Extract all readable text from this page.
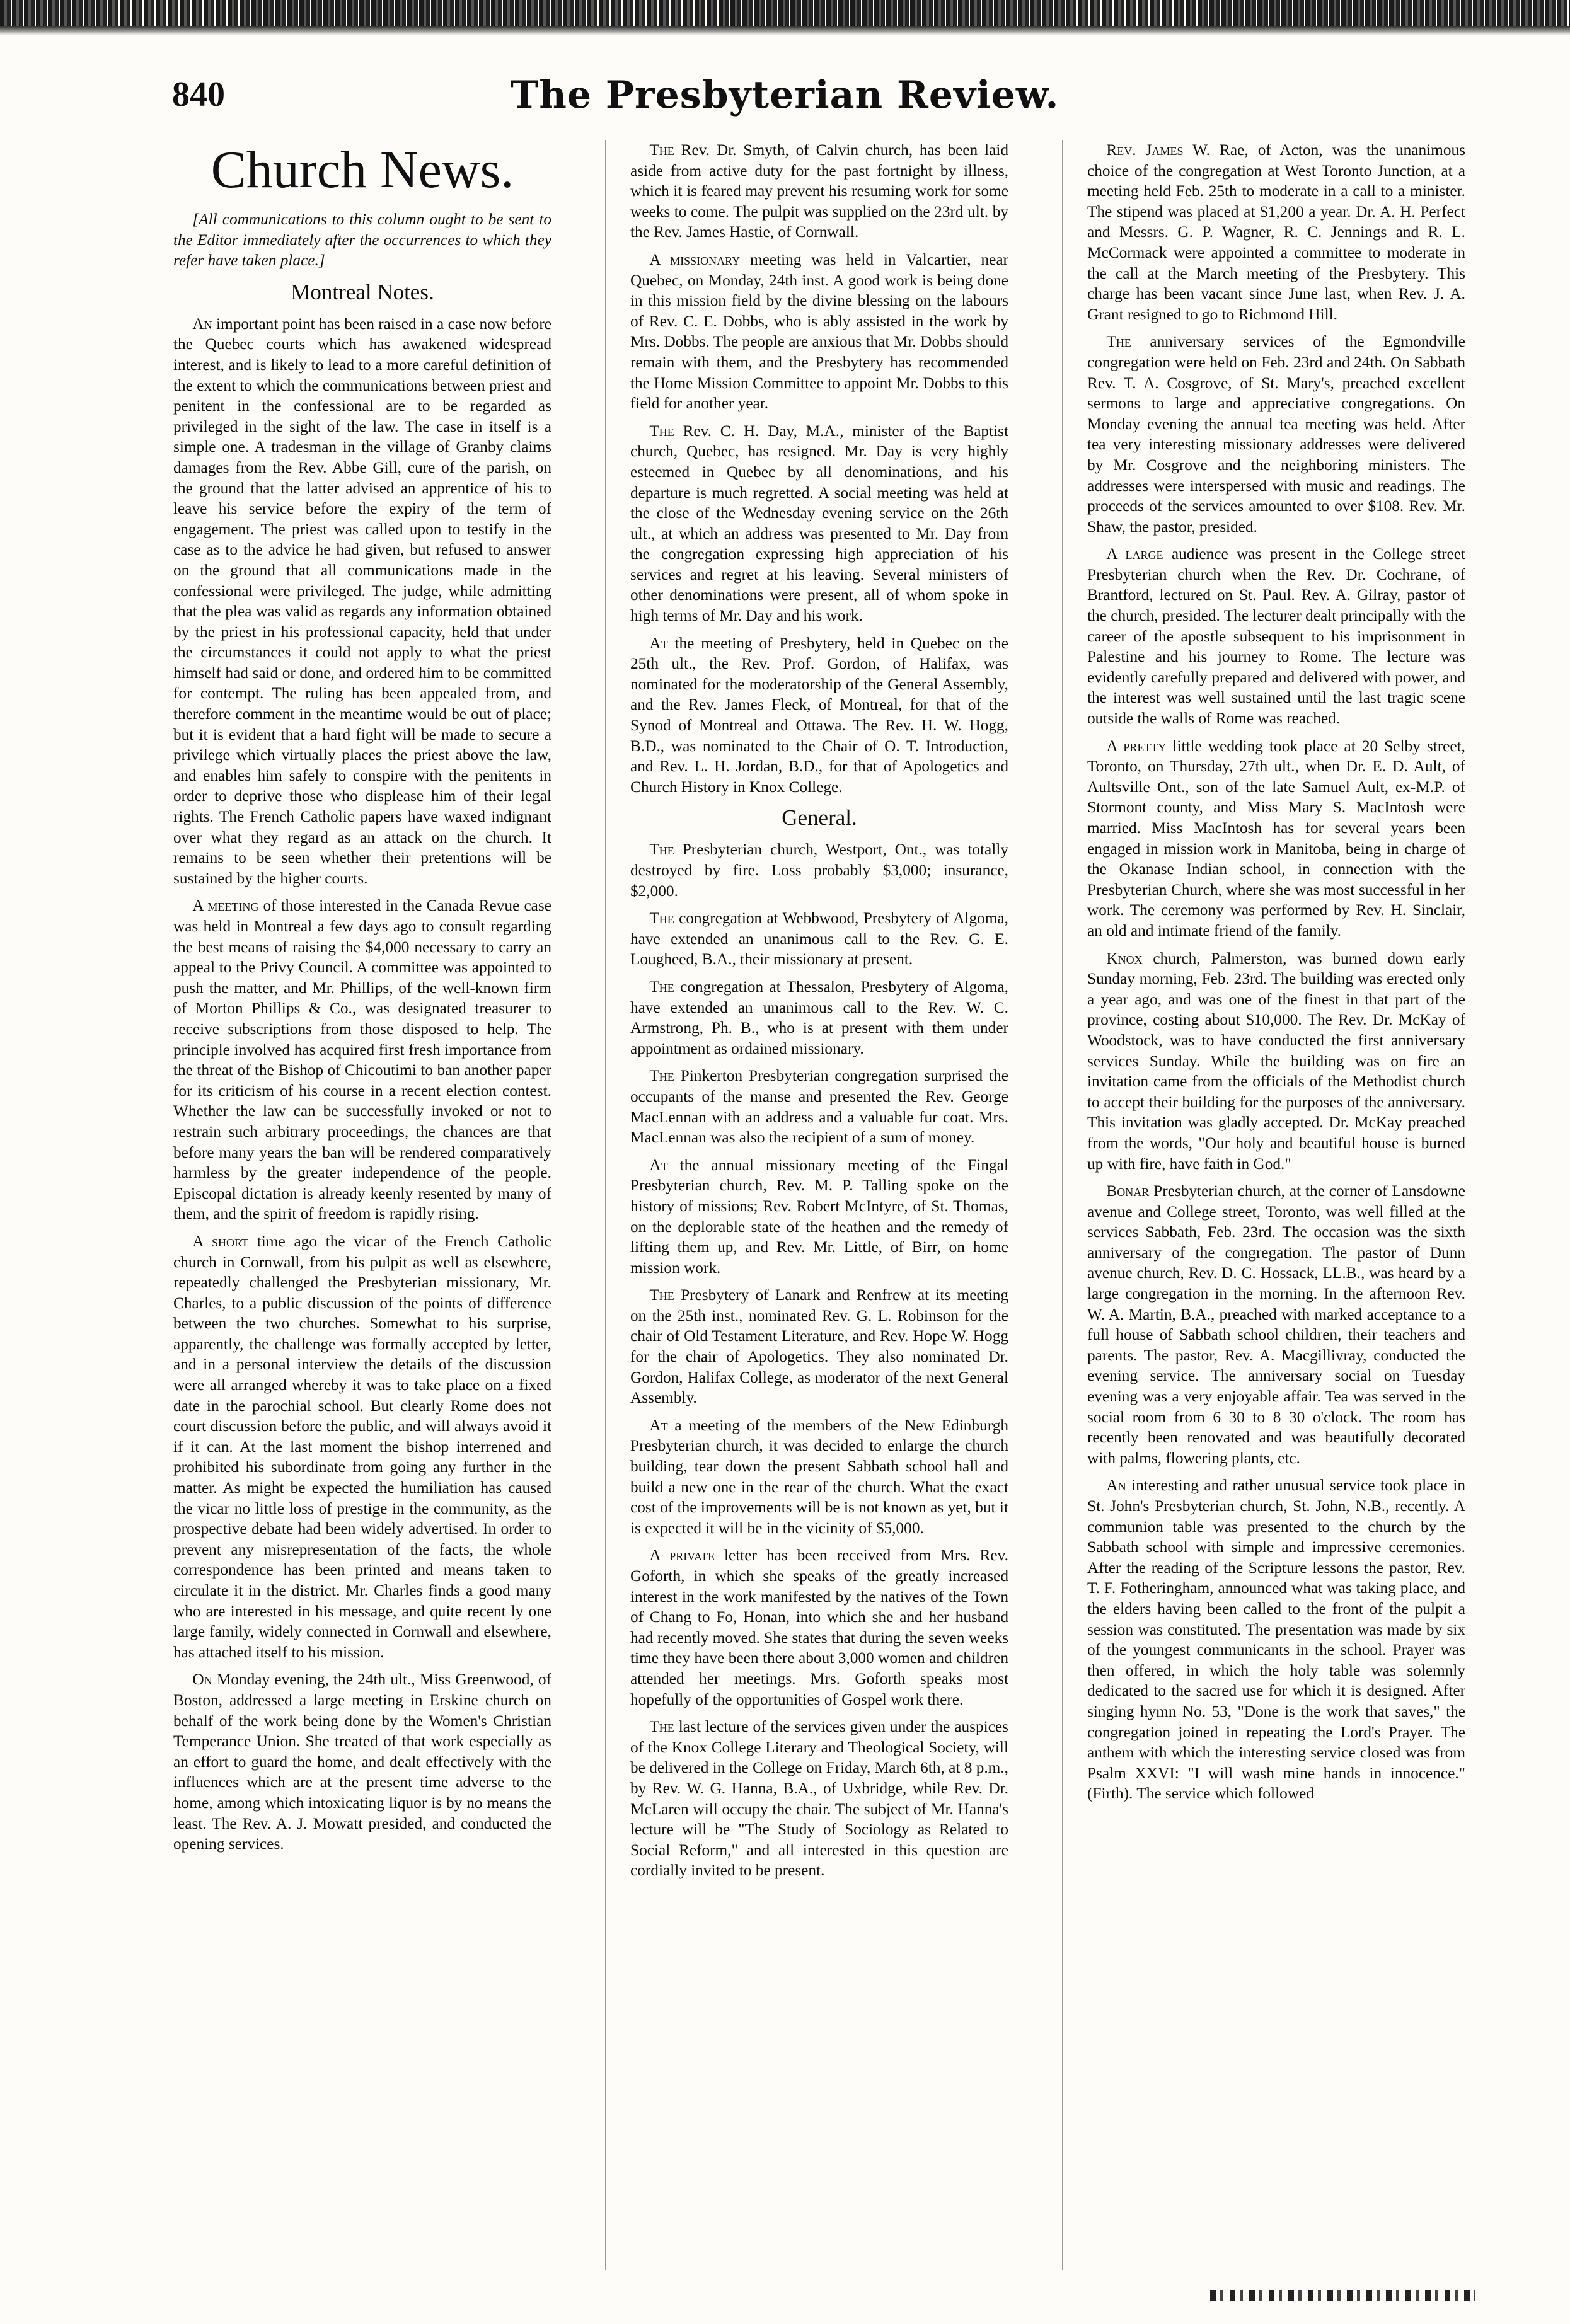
840	The Presbyterian Review.
Church News.
[All communications to this column ought to be sent to the Editor immediately after the occurrences to which they refer have taken place.]
Montreal Notes.

An important point has been raised in a case now before the Quebec courts which has awakened widespread interest, and is likely to lead to a more careful definition of the extent to which the communications between priest and penitent in the confessional are to be regarded as privileged in the sight of the law. The case in itself is a simple one. A tradesman in the village of Granby claims damages from the Rev. Abbe Gill, cure of the parish, on the ground that the latter advised an apprentice of his to leave his service before the expiry of the term of engagement. The priest was called upon to testify in the case as to the advice he had given, but refused to answer on the ground that all communications made in the confessional were privileged. The judge, while admitting that the plea was valid as regards any information obtained by the priest in his professional capacity, held that under the circumstances it could not apply to what the priest himself had said or done, and ordered him to be committed for contempt. The ruling has been appealed from, and therefore comment in the meantime would be out of place; but it is evident that a hard fight will be made to secure a privilege which virtually places the priest above the law, and enables him safely to conspire with the penitents in order to deprive those who displease him of their legal rights. The French Catholic papers have waxed indignant over what they regard as an attack on the church. It remains to be seen whether their pretentions will be sustained by the higher courts.

A meeting of those interested in the Canada Revue case was held in Montreal a few days ago to consult regarding the best means of raising the $4,000 necessary to carry an appeal to the Privy Council. A committee was appointed to push the matter, and Mr. Phillips, of the well-known firm of Morton Phillips & Co., was designated treasurer to receive subscriptions from those disposed to help. The principle involved has acquired first fresh importance from the threat of the Bishop of Chicoutimi to ban another paper for its criticism of his course in a recent election contest. Whether the law can be successfully invoked or not to restrain such arbitrary proceedings, the chances are that before many years the ban will be rendered comparatively harmless by the greater independence of the people. Episcopal dictation is already keenly resented by many of them, and the spirit of freedom is rapidly rising.

A short time ago the vicar of the French Catholic church in Cornwall, from his pulpit as well as elsewhere, repeatedly challenged the Presbyterian missionary, Mr. Charles, to a public discussion of the points of difference between the two churches. Somewhat to his surprise, apparently, the challenge was formally accepted by letter, and in a personal interview the details of the discussion were all arranged whereby it was to take place on a fixed date in the parochial school. But clearly Rome does not court discussion before the public, and will always avoid it if it can. At the last moment the bishop interrened and prohibited his subordinate from going any further in the matter. As might be expected the humiliation has caused the vicar no little loss of prestige in the community, as the prospective debate had been widely advertised. In order to prevent any misrepresentation of the facts, the whole correspondence has been printed and means taken to circulate it in the district. Mr. Charles finds a good many who are interested in his message, and quite recent ly one large family, widely connected in Cornwall and elsewhere, has attached itself to his mission.

On Monday evening, the 24th ult., Miss Greenwood, of Boston, addressed a large meeting in Erskine church on behalf of the work being done by the Women's Christian Temperance Union. She treated of that work especially as an effort to guard the home, and dealt effectively with the influences which are at the present time adverse to the home, among which intoxicating liquor is by no means the least. The Rev. A. J. Mowatt presided, and conducted the opening services.

The Rev. Dr. Smyth, of Calvin church, has been laid aside from active duty for the past fortnight by illness, which it is feared may prevent his resuming work for some weeks to come. The pulpit was supplied on the 23rd ult. by the Rev. James Hastie, of Cornwall.

A missionary meeting was held in Valcartier, near Quebec, on Monday, 24th inst. A good work is being done in this mission field by the divine blessing on the labours of Rev. C. E. Dobbs, who is ably assisted in the work by Mrs. Dobbs. The people are anxious that Mr. Dobbs should remain with them, and the Presbytery has recommended the Home Mission Committee to appoint Mr. Dobbs to this field for another year.

The Rev. C. H. Day, M.A., minister of the Baptist church, Quebec, has resigned. Mr. Day is very highly esteemed in Quebec by all denominations, and his departure is much regretted. A social meeting was held at the close of the Wednesday evening service on the 26th ult., at which an address was presented to Mr. Day from the congregation expressing high appreciation of his services and regret at his leaving. Several ministers of other denominations were present, all of whom spoke in high terms of Mr. Day and his work.

At the meeting of Presbytery, held in Quebec on the 25th ult., the Rev. Prof. Gordon, of Halifax, was nominated for the moderatorship of the General Assembly, and the Rev. James Fleck, of Montreal, for that of the Synod of Montreal and Ottawa. The Rev. H. W. Hogg, B.D., was nominated to the Chair of O. T. Introduction, and Rev. L. H. Jordan, B.D., for that of Apologetics and Church History in Knox College.

General.

The Presbyterian church, Westport, Ont., was totally destroyed by fire. Loss probably $3,000; insurance, $2,000.

The congregation at Webbwood, Presbytery of Algoma, have extended an unanimous call to the Rev. G. E. Lougheed, B.A., their missionary at present.

The congregation at Thessalon, Presbytery of Algoma, have extended an unanimous call to the Rev. W. C. Armstrong, Ph. B., who is at present with them under appointment as ordained missionary.

The Pinkerton Presbyterian congregation surprised the occupants of the manse and presented the Rev. George MacLennan with an address and a valuable fur coat. Mrs. MacLennan was also the recipient of a sum of money.

At the annual missionary meeting of the Fingal Presbyterian church, Rev. M. P. Talling spoke on the history of missions; Rev. Robert McIntyre, of St. Thomas, on the deplorable state of the heathen and the remedy of lifting them up, and Rev. Mr. Little, of Birr, on home mission work.

The Presbytery of Lanark and Renfrew at its meeting on the 25th inst., nominated Rev. G. L. Robinson for the chair of Old Testament Literature, and Rev. Hope W. Hogg for the chair of Apologetics. They also nominated Dr. Gordon, Halifax College, as moderator of the next General Assembly.

At a meeting of the members of the New Edinburgh Presbyterian church, it was decided to enlarge the church building, tear down the present Sabbath school hall and build a new one in the rear of the church. What the exact cost of the improvements will be is not known as yet, but it is expected it will be in the vicinity of $5,000.

A private letter has been received from Mrs. Rev. Goforth, in which she speaks of the greatly increased interest in the work manifested by the natives of the Town of Chang to Fo, Honan, into which she and her husband had recently moved. She states that during the seven weeks time they have been there about 3,000 women and children attended her meetings. Mrs. Goforth speaks most hopefully of the opportunities of Gospel work there.

The last lecture of the services given under the auspices of the Knox College Literary and Theological Society, will be delivered in the College on Friday, March 6th, at 8 p.m., by Rev. W. G. Hanna, B.A., of Uxbridge, while Rev. Dr. McLaren will occupy the chair. The subject of Mr. Hanna's lecture will be "The Study of Sociology as Related to Social Reform," and all interested in this question are cordially invited to be present.

Rev. James W. Rae, of Acton, was the unanimous choice of the congregation at West Toronto Junction, at a meeting held Feb. 25th to moderate in a call to a minister. The stipend was placed at $1,200 a year. Dr. A. H. Perfect and Messrs. G. P. Wagner, R. C. Jennings and R. L. McCormack were appointed a committee to moderate in the call at the March meeting of the Presbytery. This charge has been vacant since June last, when Rev. J. A. Grant resigned to go to Richmond Hill.

The anniversary services of the Egmondville congregation were held on Feb. 23rd and 24th. On Sabbath Rev. T. A. Cosgrove, of St. Mary's, preached excellent sermons to large and appreciative congregations. On Monday evening the annual tea meeting was held. After tea very interesting missionary addresses were delivered by Mr. Cosgrove and the neighboring ministers. The addresses were interspersed with music and readings. The proceeds of the services amounted to over $108. Rev. Mr. Shaw, the pastor, presided.

A large audience was present in the College street Presbyterian church when the Rev. Dr. Cochrane, of Brantford, lectured on St. Paul. Rev. A. Gilray, pastor of the church, presided. The lecturer dealt principally with the career of the apostle subsequent to his imprisonment in Palestine and his journey to Rome. The lecture was evidently carefully prepared and delivered with power, and the interest was well sustained until the last tragic scene outside the walls of Rome was reached.

A pretty little wedding took place at 20 Selby street, Toronto, on Thursday, 27th ult., when Dr. E. D. Ault, of Aultsville Ont., son of the late Samuel Ault, ex-M.P. of Stormont county, and Miss Mary S. MacIntosh were married. Miss MacIntosh has for several years been engaged in mission work in Manitoba, being in charge of the Okanase Indian school, in connection with the Presbyterian Church, where she was most successful in her work. The ceremony was performed by Rev. H. Sinclair, an old and intimate friend of the family.

Knox church, Palmerston, was burned down early Sunday morning, Feb. 23rd. The building was erected only a year ago, and was one of the finest in that part of the province, costing about $10,000. The Rev. Dr. McKay of Woodstock, was to have conducted the first anniversary services Sunday. While the building was on fire an invitation came from the officials of the Methodist church to accept their building for the purposes of the anniversary. This invitation was gladly accepted. Dr. McKay preached from the words, "Our holy and beautiful house is burned up with fire, have faith in God."

Bonar Presbyterian church, at the corner of Lansdowne avenue and College street, Toronto, was well filled at the services Sabbath, Feb. 23rd. The occasion was the sixth anniversary of the congregation. The pastor of Dunn avenue church, Rev. D. C. Hossack, LL.B., was heard by a large congregation in the morning. In the afternoon Rev. W. A. Martin, B.A., preached with marked acceptance to a full house of Sabbath school children, their teachers and parents. The pastor, Rev. A. Macgillivray, conducted the evening service. The anniversary social on Tuesday evening was a very enjoyable affair. Tea was served in the social room from 6 30 to 8 30 o'clock. The room has recently been renovated and was beautifully decorated with palms, flowering plants, etc.

An interesting and rather unusual service took place in St. John's Presbyterian church, St. John, N.B., recently. A communion table was presented to the church by the Sabbath school with simple and impressive ceremonies. After the reading of the Scripture lessons the pastor, Rev. T. F. Fotheringham, announced what was taking place, and the elders having been called to the front of the pulpit a session was constituted. The presentation was made by six of the youngest communicants in the school. Prayer was then offered, in which the holy table was solemnly dedicated to the sacred use for which it is designed. After singing hymn No. 53, "Done is the work that saves," the congregation joined in repeating the Lord's Prayer. The anthem with which the interesting service closed was from Psalm XXVI: "I will wash mine hands in innocence." (Firth). The service which followed
